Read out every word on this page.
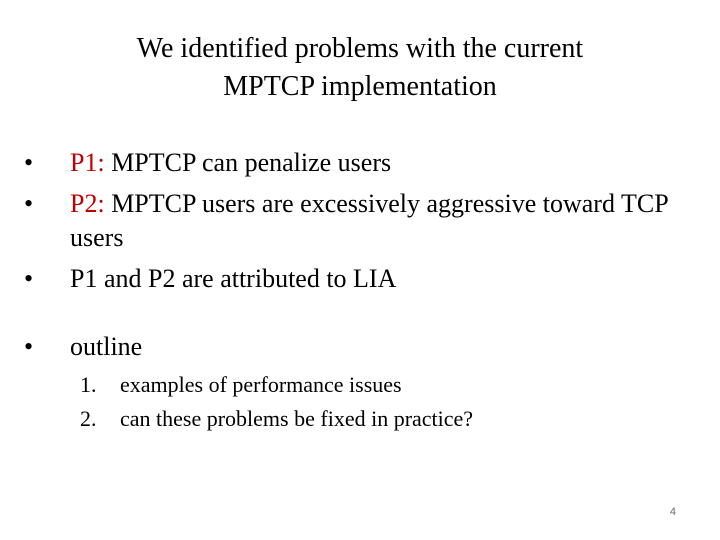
We identified problems with the current
MPTCP implementation
•	P1: MPTCP can penalize users
•	P2: MPTCP users are excessively aggressive toward TCP users
•	P1 and P2 are attributed to LIA
•	outline
1. examples of performance issues
2. can these problems be fixed in practice?
4
